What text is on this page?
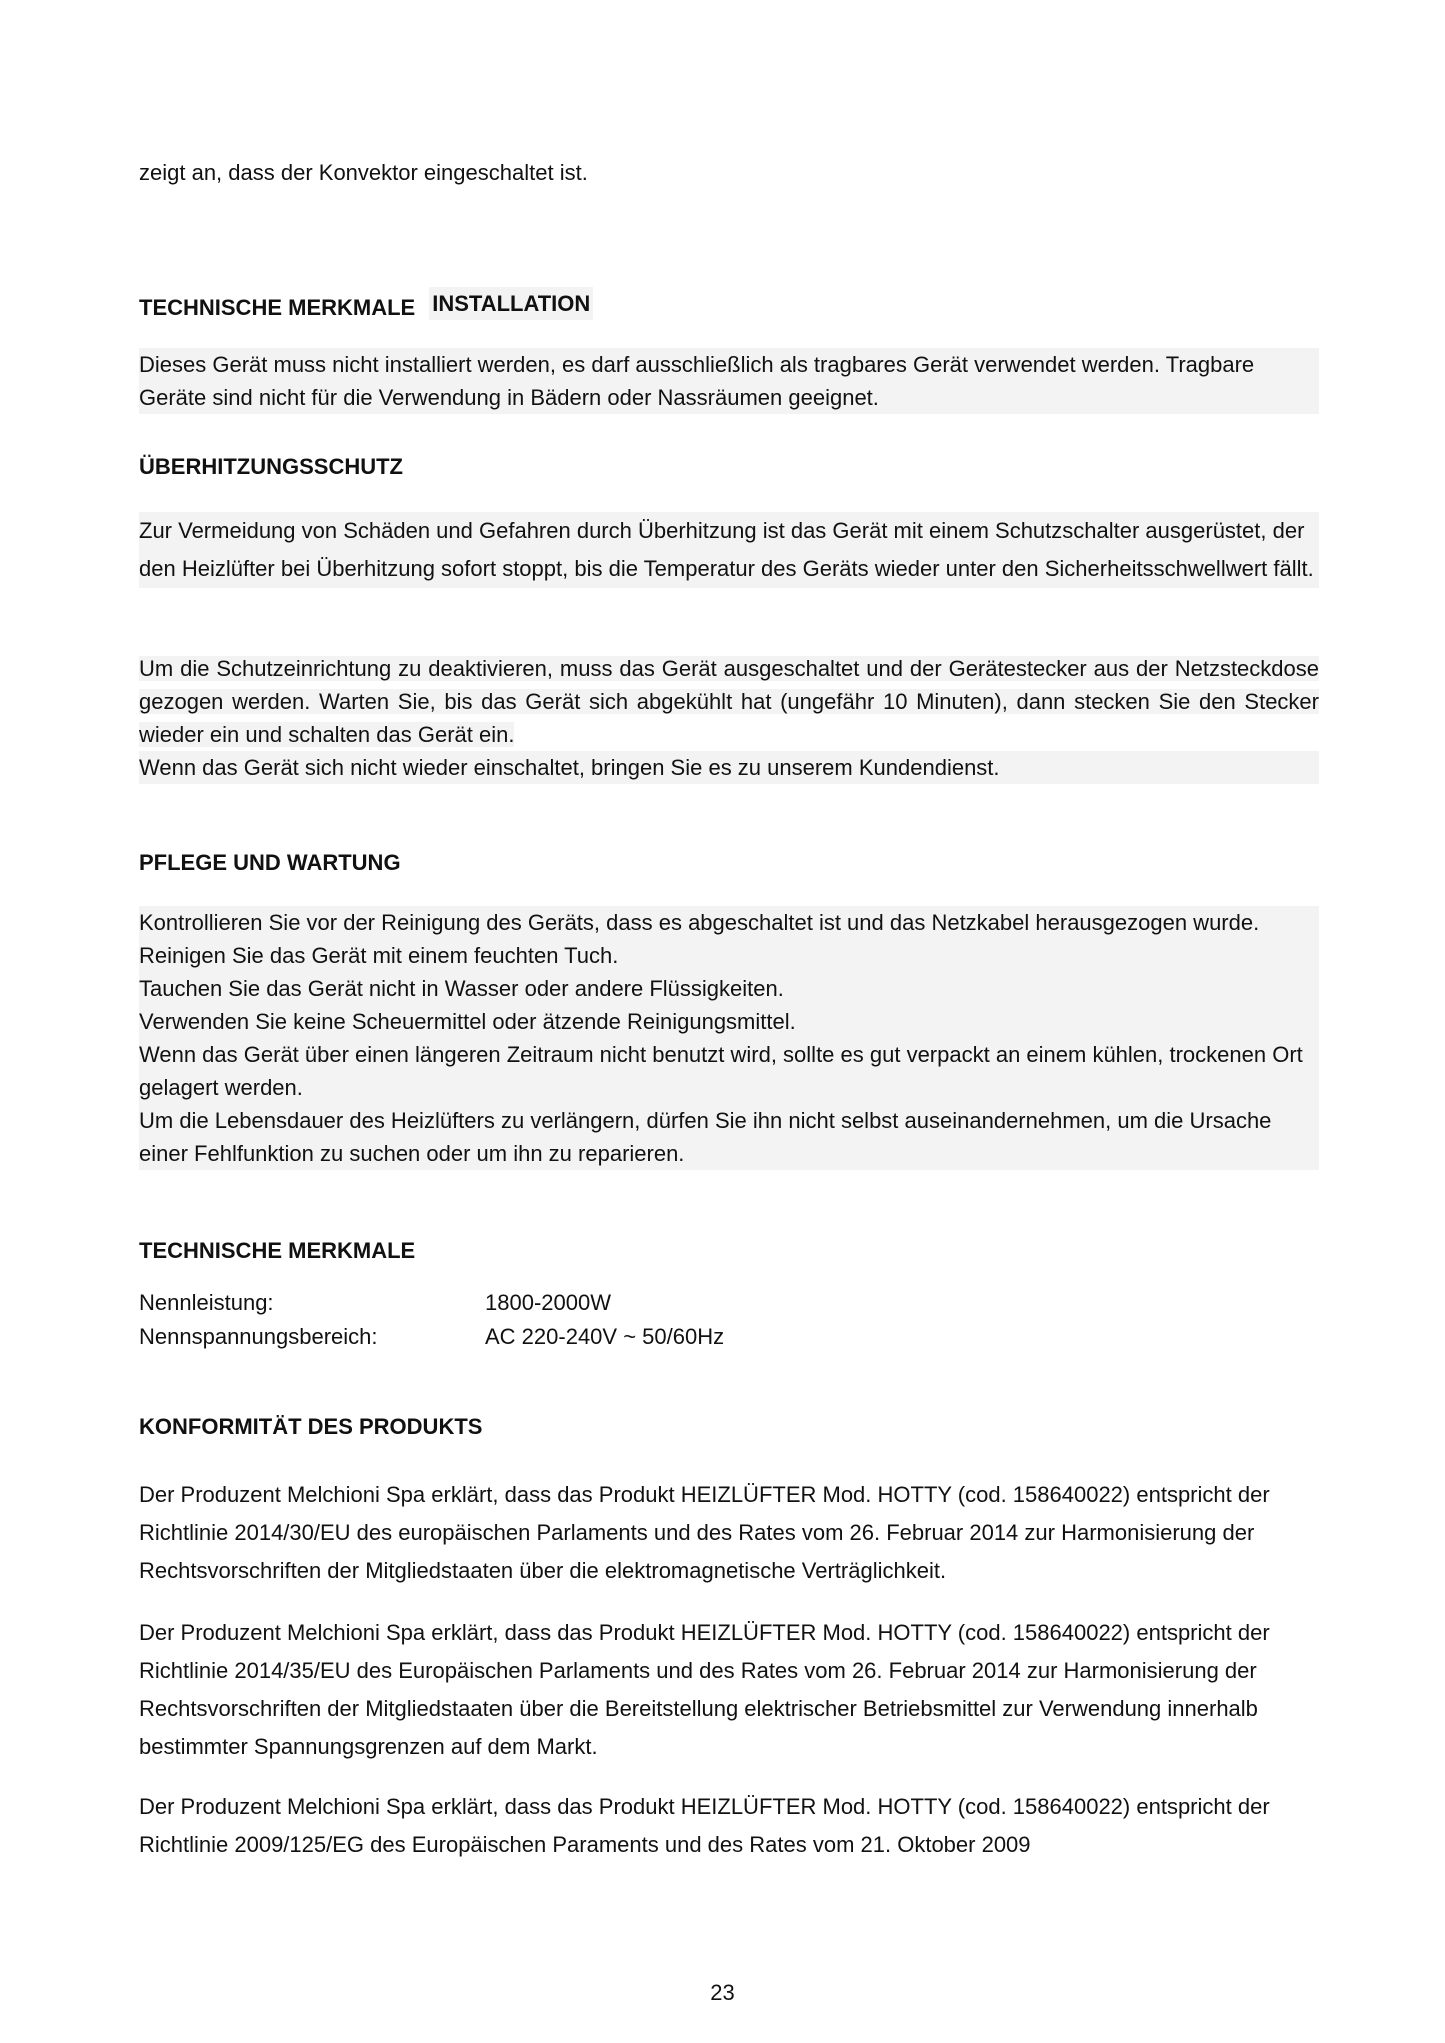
zeigt an, dass der Konvektor eingeschaltet ist.

TECHNISCHE MERKMALE INSTALLATION

Dieses Gerät muss nicht installiert werden, es darf ausschließlich als tragbares Gerät verwendet werden. Tragbare Geräte sind nicht für die Verwendung in Bädern oder Nassräumen geeignet.

ÜBERHITZUNGSSCHUTZ

Zur Vermeidung von Schäden und Gefahren durch Überhitzung ist das Gerät mit einem Schutzschalter ausgerüstet, der den Heizlüfter bei Überhitzung sofort stoppt, bis die Temperatur des Geräts wieder unter den Sicherheitsschwellwert fällt.

Um die Schutzeinrichtung zu deaktivieren, muss das Gerät ausgeschaltet und der Gerätestecker aus der Netzsteckdose gezogen werden. Warten Sie, bis das Gerät sich abgekühlt hat (ungefähr 10 Minuten), dann stecken Sie den Stecker wieder ein und schalten das Gerät ein.
Wenn das Gerät sich nicht wieder einschaltet, bringen Sie es zu unserem Kundendienst.
PFLEGE UND WARTUNG
Kontrollieren Sie vor der Reinigung des Geräts, dass es abgeschaltet ist und das Netzkabel herausgezogen wurde.
Reinigen Sie das Gerät mit einem feuchten Tuch.
Tauchen Sie das Gerät nicht in Wasser oder andere Flüssigkeiten.
Verwenden Sie keine Scheuermittel oder ätzende Reinigungsmittel.
Wenn das Gerät über einen längeren Zeitraum nicht benutzt wird, sollte es gut verpackt an einem kühlen, trockenen Ort gelagert werden.
Um die Lebensdauer des Heizlüfters zu verlängern, dürfen Sie ihn nicht selbst auseinandernehmen, um die Ursache einer Fehlfunktion zu suchen oder um ihn zu reparieren.
TECHNISCHE MERKMALE
Nennleistung:	1800-2000W
Nennspannungsbereich:	AC 220-240V ~ 50/60Hz
KONFORMITÄT DES PRODUKTS

Der Produzent Melchioni Spa erklärt, dass das Produkt HEIZLÜFTER Mod. HOTTY (cod. 158640022) entspricht der Richtlinie 2014/30/EU des europäischen Parlaments und des Rates vom 26. Februar 2014 zur Harmonisierung der Rechtsvorschriften der Mitgliedstaaten über die elektromagnetische Verträglichkeit.

Der Produzent Melchioni Spa erklärt, dass das Produkt HEIZLÜFTER Mod. HOTTY (cod. 158640022) entspricht der Richtlinie 2014/35/EU des Europäischen Parlaments und des Rates vom 26. Februar 2014 zur Harmonisierung der Rechtsvorschriften der Mitgliedstaaten über die Bereitstellung elektrischer Betriebsmittel zur Verwendung innerhalb bestimmter Spannungsgrenzen auf dem Markt.

Der Produzent Melchioni Spa erklärt, dass das Produkt HEIZLÜFTER Mod. HOTTY (cod. 158640022) entspricht der Richtlinie 2009/125/EG des Europäischen Paraments und des Rates vom 21. Oktober 2009

23
